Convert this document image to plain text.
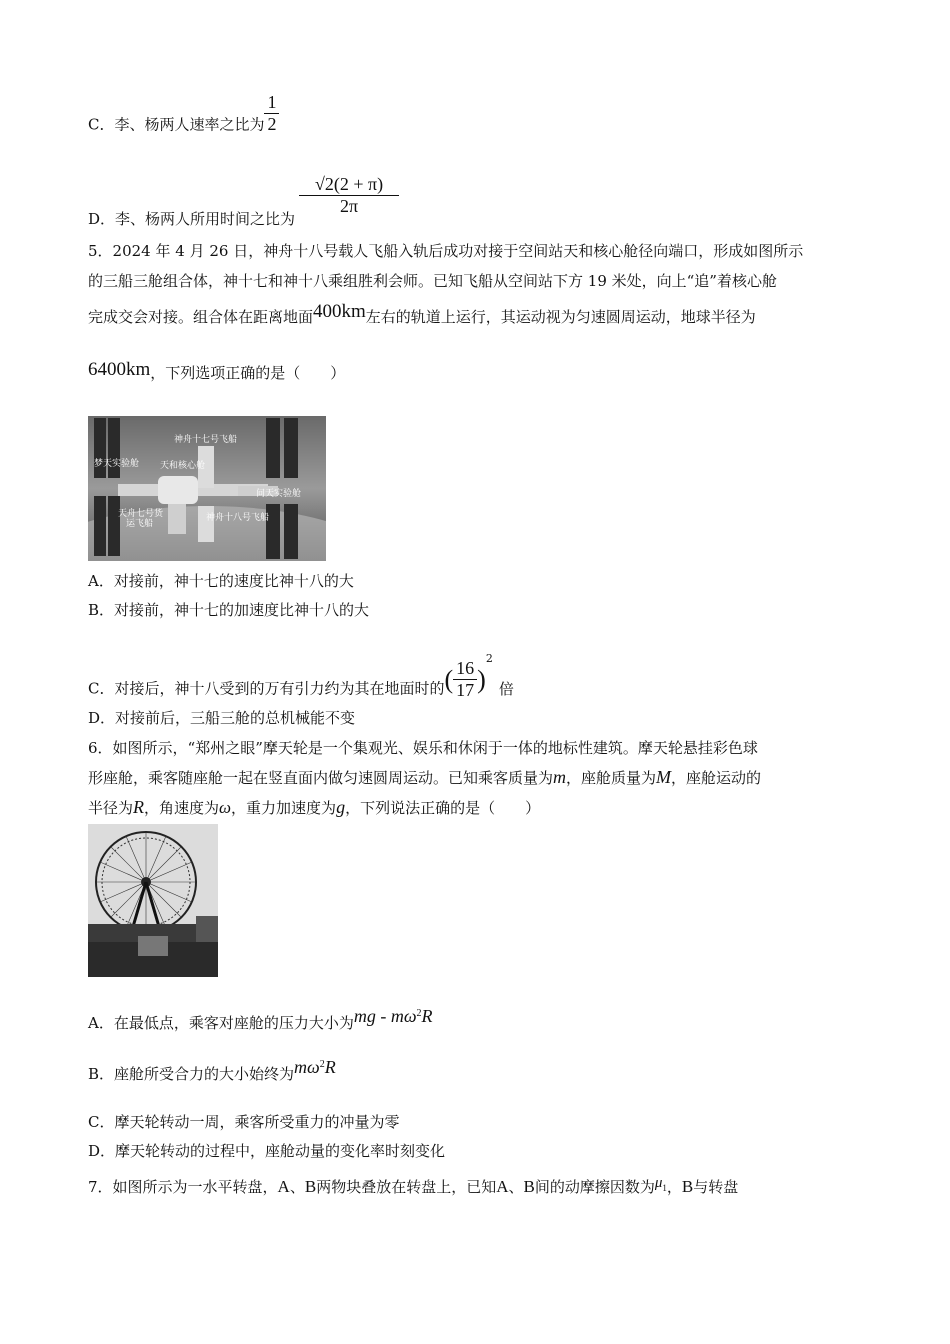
C．李、杨两人速率之比为 $\frac{1}{2}$
D．李、杨两人所用时间之比为
$\frac{√2(2 + \pi)}{2\pi}$
5．2024 年 4 月 26 日，神舟十八号载人飞船入轨后成功对接于空间站天和核心舱径向端口，形成如图所示
的三船三舱组合体，神十七和神十八乘组胜利会师。已知飞船从空间站下方 19 米处，向上“追”着核心舱
完成交会对接。组合体在距离地面400km左右的轨道上运行，其运动视为匀速圆周运动，地球半径为
6400km，下列选项正确的是（　　）
神舟十七号飞船
梦天实验舱 天和核心舱
问天实验舱
天舟七号货
运飞船
神舟十八号飞船
A．对接前，神十七的速度比神十八的大
B．对接前，神十七的加速度比神十八的大
C．对接后，神十八受到的万有引力约为其在地面时的( $\frac{16}{17} )^2$倍
D．对接前后，三船三舱的总机械能不变
6．如图所示，“郑州之眼”摩天轮是一个集观光、娱乐和休闲于一体的地标性建筑。摩天轮悬挂彩色球
形座舱，乘客随座舱一起在竖直面内做匀速圆周运动。已知乘客质量为m，座舱质量为M，座舱运动的
半径为R，角速度为ω，重力加速度为g，下列说法正确的是（　　）
A．在最低点，乘客对座舱的压力大小为mg - $m\omega^2R$
B．座舱所受合力的大小始终为$m\omega^2R$
C．摩天轮转动一周，乘客所受重力的冲量为零
D．摩天轮转动的过程中，座舱动量的变化率时刻变化
7．如图所示为一水平转盘，A、B两物块叠放在转盘上，已知A、B间的动摩擦因数为$\mu_1$，B与转盘
